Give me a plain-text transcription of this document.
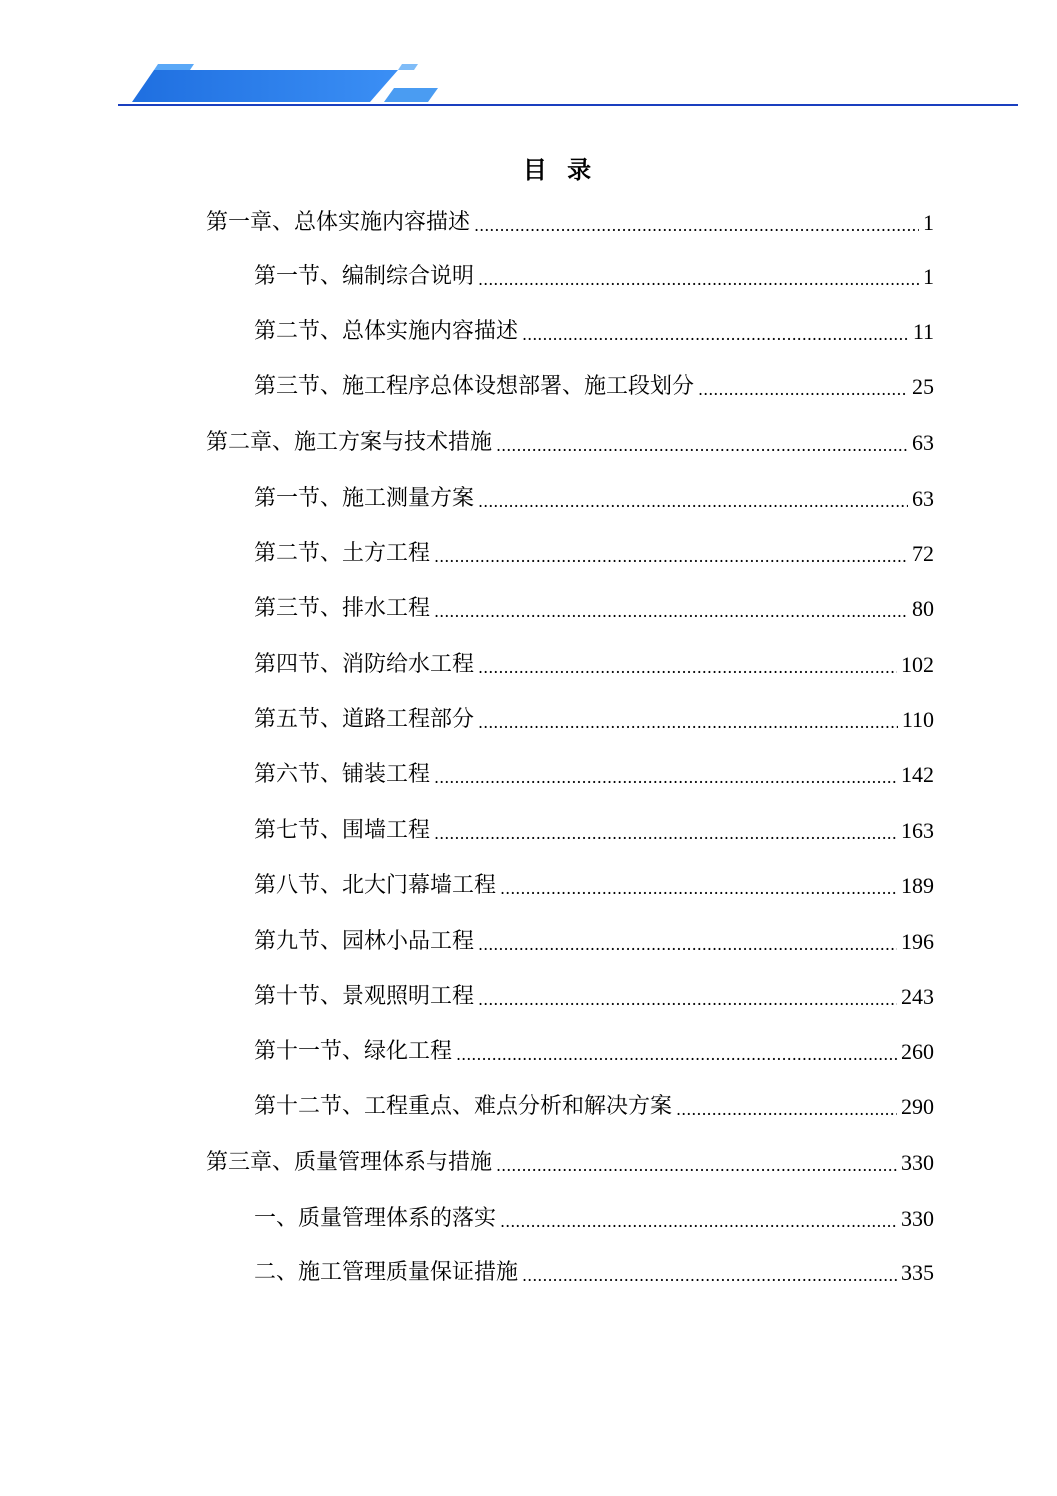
目 录
第一章、总体实施内容描述 .....	1
第一节、编制综合说明 .....	1
第二节、总体实施内容描述 .....	11
第三节、施工程序总体设想部署、施工段划分 .....	25
第二章、施工方案与技术措施 .....	63
第一节、施工测量方案 .....	63
第二节、土方工程 .....	72
第三节、排水工程 .....	80
第四节、消防给水工程 .....	102
第五节、道路工程部分 .....	110
第六节、铺装工程 .....	142
第七节、围墙工程 .....	163
第八节、北大门幕墙工程 .....	189
第九节、园林小品工程 .....	196
第十节、景观照明工程 .....	243
第十一节、绿化工程 .....	260
第十二节、工程重点、难点分析和解决方案 .....	290
第三章、质量管理体系与措施 .....	330
一、质量管理体系的落实 .....	330
二、施工管理质量保证措施 .....	335
